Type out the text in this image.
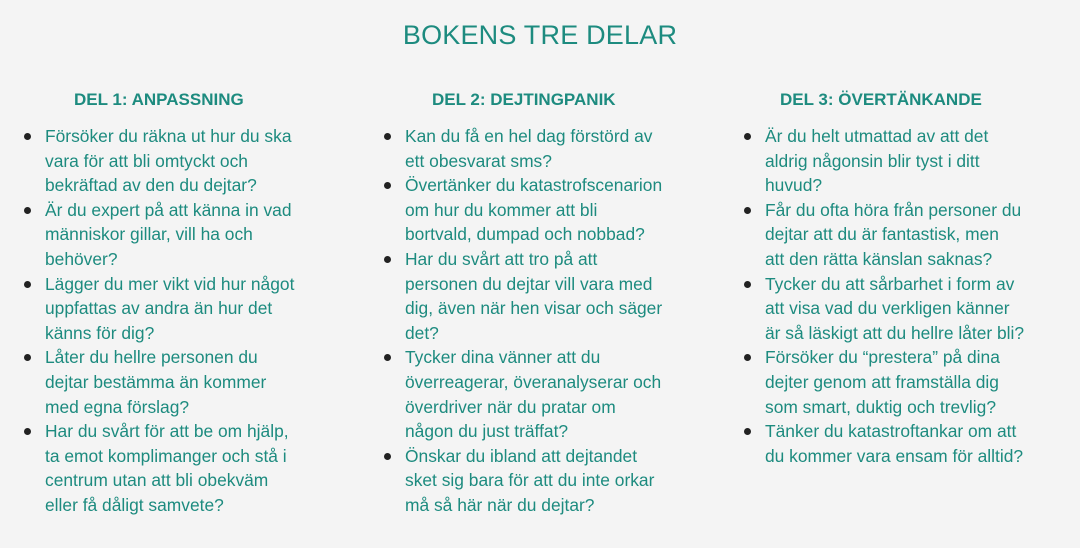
BOKENS TRE DELAR
DEL 1: ANPASSNING
Försöker du räkna ut hur du ska
vara för att bli omtyckt och
bekräftad av den du dejtar?
Är du expert på att känna in vad
människor gillar, vill ha och
behöver?
Lägger du mer vikt vid hur något
uppfattas av andra än hur det
känns för dig?
Låter du hellre personen du
dejtar bestämma än kommer
med egna förslag?
Har du svårt för att be om hjälp,
ta emot komplimanger och stå i
centrum utan att bli obekväm
eller få dåligt samvete?
DEL 2: DEJTINGPANIK
Kan du få en hel dag förstörd av
ett obesvarat sms?
Övertänker du katastrofscenarion
om hur du kommer att bli
bortvald, dumpad och nobbad?
Har du svårt att tro på att
personen du dejtar vill vara med
dig, även när hen visar och säger
det?
Tycker dina vänner att du
överreagerar, överanalyserar och
överdriver när du pratar om
någon du just träffat?
Önskar du ibland att dejtandet
sket sig bara för att du inte orkar
må så här när du dejtar?
DEL 3: ÖVERTÄNKANDE
Är du helt utmattad av att det
aldrig någonsin blir tyst i ditt
huvud?
Får du ofta höra från personer du
dejtar att du är fantastisk, men
att den rätta känslan saknas?
Tycker du att sårbarhet i form av
att visa vad du verkligen känner
är så läskigt att du hellre låter bli?
Försöker du “prestera” på dina
dejter genom att framställa dig
som smart, duktig och trevlig?
Tänker du katastroftankar om att
du kommer vara ensam för alltid?
